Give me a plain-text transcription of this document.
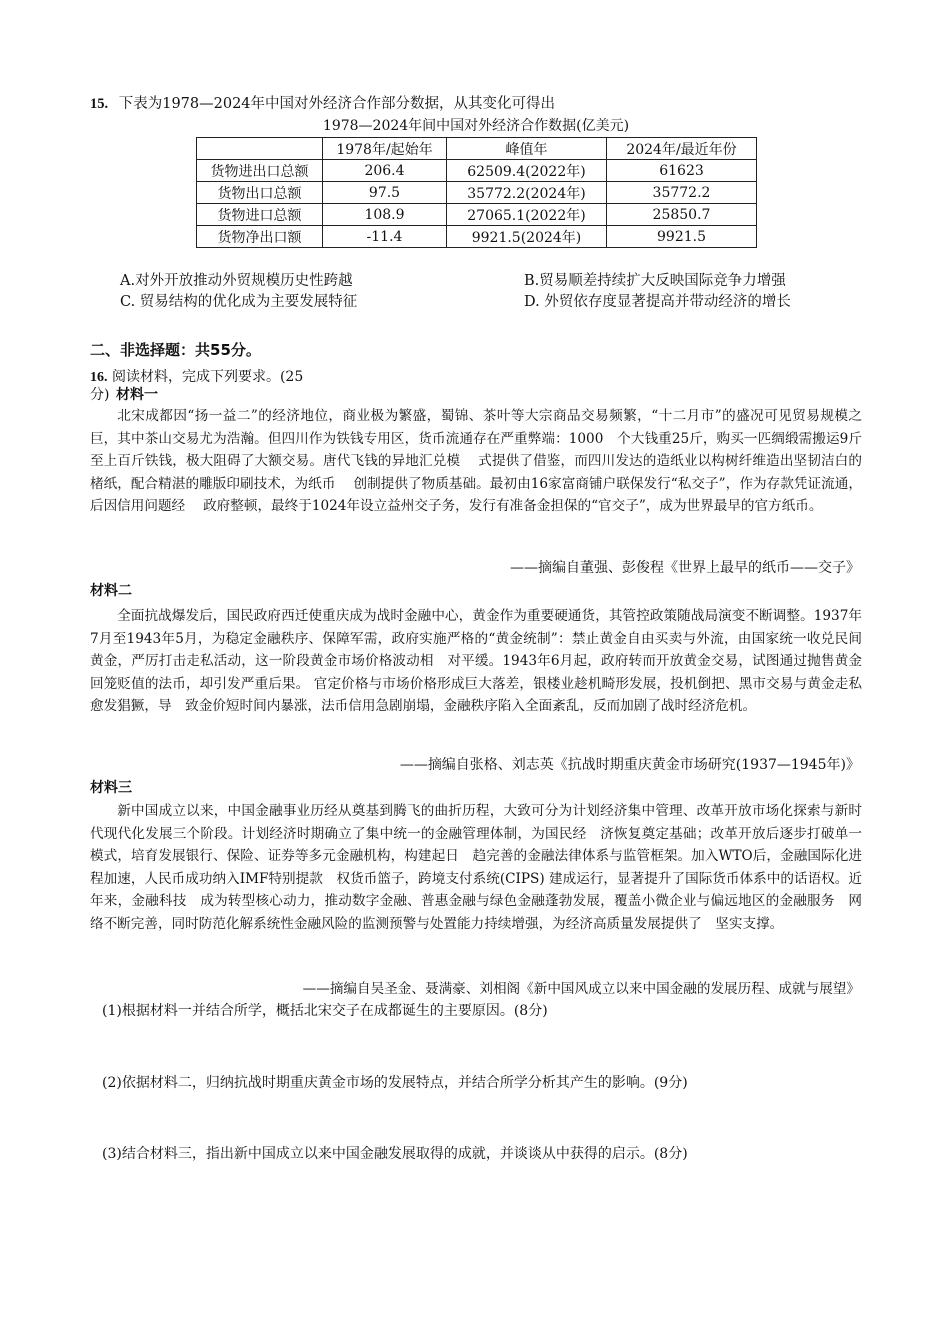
15. 下表为1978—2024年中国对外经济合作部分数据，从其变化可得出
1978—2024年间中国对外经济合作数据(亿美元)
	1978年/起始年	峰值年	2024年/最近年份
货物进出口总额	206.4	62509.4(2022年)	61623
货物出口总额	97.5	35772.2(2024年)	35772.2
货物进口总额	108.9	27065.1(2022年)	25850.7
货物净出口额	-11.4	9921.5(2024年)	9921.5
A.对外开放推动外贸规模历史性跨越	B.贸易顺差持续扩大反映国际竞争力增强
C. 贸易结构的优化成为主要发展特征	D. 外贸依存度显著提高并带动经济的增长
二、非选择题：共55分。
16. 阅读材料，完成下列要求。(25
分) 材料一

北宋成都因“扬一益二”的经济地位，商业极为繁盛，蜀锦、茶叶等大宗商品交易频繁，“十二月市”的盛况可见贸易规模之巨，其中茶山交易尤为浩瀚。但四川作为铁钱专用区，货币流通存在严重弊端：1000　个大钱重25斤，购买一匹绸缎需搬运9斤至上百斤铁钱，极大阻碍了大额交易。唐代飞钱的异地汇兑模　 式提供了借鉴，而四川发达的造纸业以构树纤维造出坚韧洁白的楮纸，配合精湛的雕版印刷技术，为纸币　 创制提供了物质基础。最初由16家富商铺户联保发行“私交子”，作为存款凭证流通，后因信用问题经　 政府整顿，最终于1024年设立益州交子务，发行有准备金担保的“官交子”，成为世界最早的官方纸币。

——摘编自董强、彭俊程《世界上最早的纸币——交子》
材料二

全面抗战爆发后，国民政府西迁使重庆成为战时金融中心，黄金作为重要硬通货，其管控政策随战局演变不断调整。1937年7月至1943年5月，为稳定金融秩序、保障军需，政府实施严格的“黄金统制”：禁止黄金自由买卖与外流，由国家统一收兑民间黄金，严厉打击走私活动，这一阶段黄金市场价格波动相　对平缓。1943年6月起，政府转而开放黄金交易，试图通过抛售黄金回笼贬值的法币，却引发严重后果。 官定价格与市场价格形成巨大落差，银楼业趁机畸形发展，投机倒把、黑市交易与黄金走私愈发猖獗，导　致金价短时间内暴涨，法币信用急剧崩塌，金融秩序陷入全面紊乱，反而加剧了战时经济危机。

——摘编自张格、刘志英《抗战时期重庆黄金市场研究(1937—1945年)》
材料三

新中国成立以来，中国金融事业历经从奠基到腾飞的曲折历程，大致可分为计划经济集中管理、改革开放市场化探索与新时代现代化发展三个阶段。计划经济时期确立了集中统一的金融管理体制，为国民经　济恢复奠定基础；改革开放后逐步打破单一模式，培育发展银行、保险、证券等多元金融机构，构建起日　趋完善的金融法律体系与监管框架。加入WTO后，金融国际化进程加速，人民币成功纳入IMF特别提款　权货币篮子，跨境支付系统(CIPS) 建成运行，显著提升了国际货币体系中的话语权。近年来，金融科技　成为转型核心动力，推动数字金融、普惠金融与绿色金融蓬勃发展，覆盖小微企业与偏远地区的金融服务　网络不断完善，同时防范化解系统性金融风险的监测预警与处置能力持续增强，为经济高质量发展提供了　坚实支撑。

——摘编自吴圣金、聂满豪、刘相阁《新中国风成立以来中国金融的发展历程、成就与展望》
(1)根据材料一并结合所学，概括北宋交子在成都诞生的主要原因。(8分)
(2)依据材料二，归纳抗战时期重庆黄金市场的发展特点，并结合所学分析其产生的影响。(9分)
(3)结合材料三，指出新中国成立以来中国金融发展取得的成就，并谈谈从中获得的启示。(8分)
